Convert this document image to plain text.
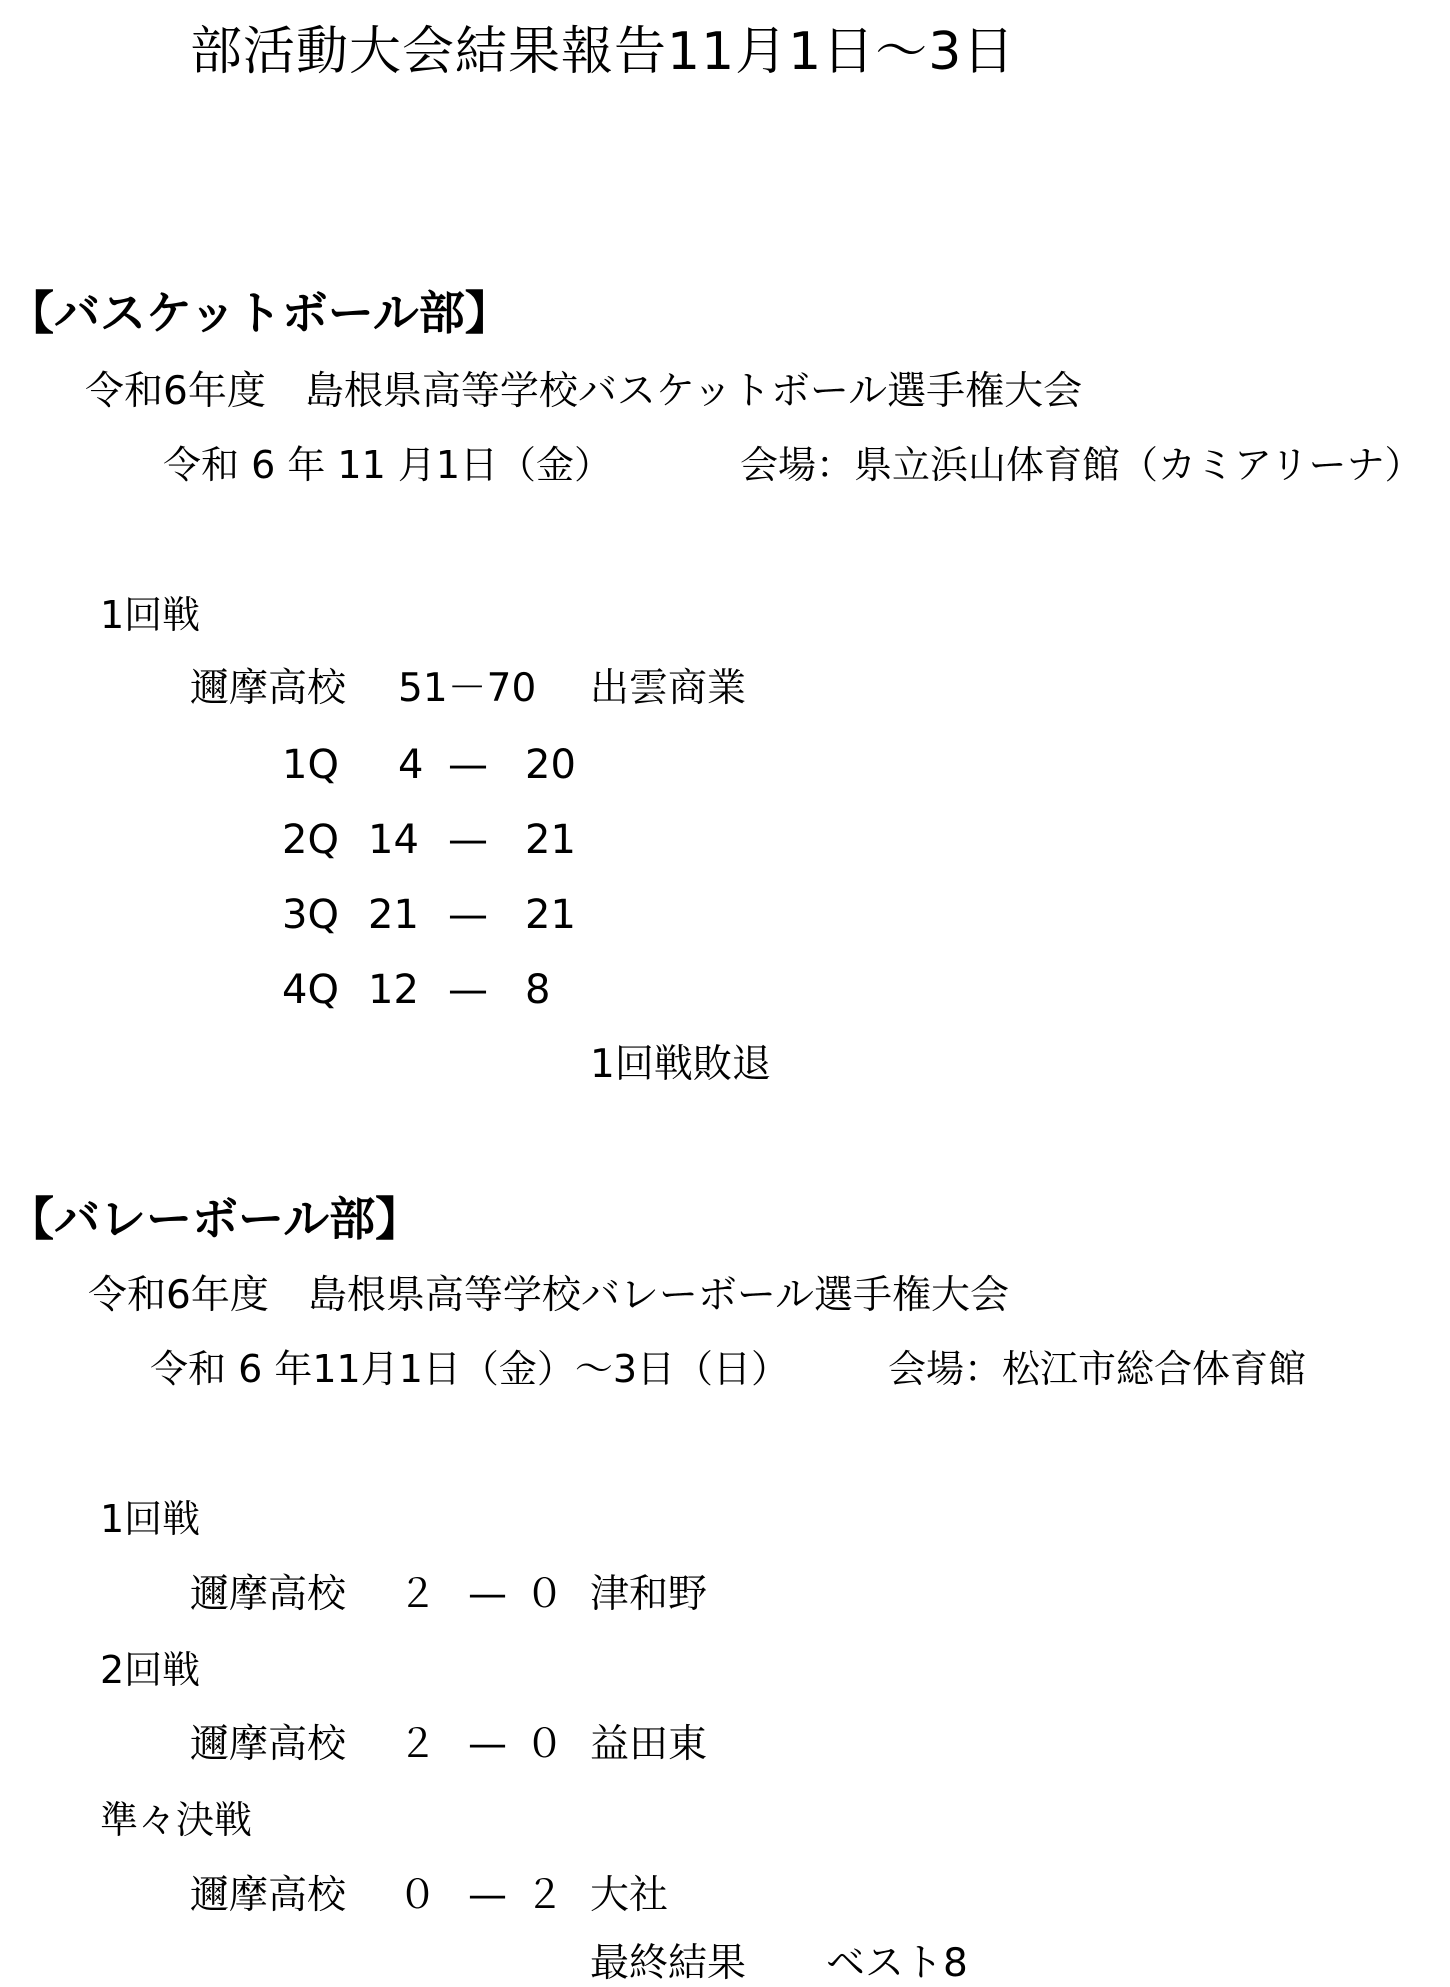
部活動大会結果報告11月1日～3日
【バスケットボール部】
令和6年度　島根県高等学校バスケットボール選手権大会
令和 6 年 11 月1日（金）	会場：県立浜山体育館（カミアリーナ）
1回戦
邇摩高校 51－70 出雲商業
1Q 4 — 20
2Q 14 — 21
3Q 21 — 21
4Q 12 — 8
1回戦敗退
【バレーボール部】
令和6年度　島根県高等学校バレーボール選手権大会
令和 6 年11月1日（金）～3日（日）	会場：松江市総合体育館
1回戦
邇摩高校 ２ — ０ 津和野
2回戦
邇摩高校 ２ — ０ 益田東
準々決戦
邇摩高校 ０ — ２ 大社
最終結果 ベスト8
